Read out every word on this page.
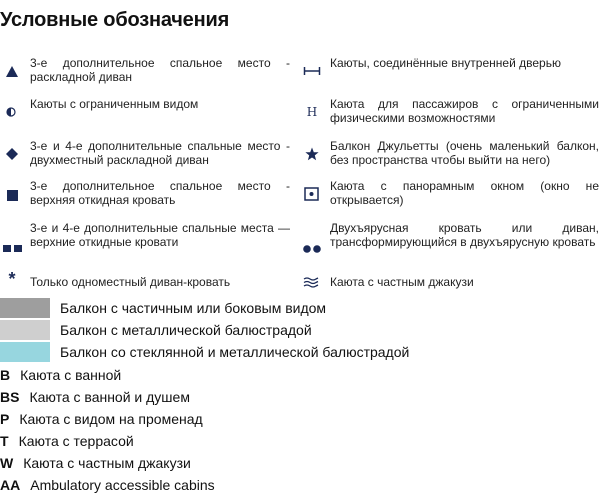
Условные обозначения

3-е дополнительное спальное место - раскладной диван

Каюты с ограниченным видом

3-е и 4-е дополнительные спальные место - двухместный раскладной диван

3-е дополнительное спальное место - верхняя откидная кровать

3-е и 4-е дополнительные спальные места — верхние откидные кровати

*	Только одноместный диван-кровать

Каюты, соединённые внутренней дверью

H

Каюта для пассажиров с ограниченными физическими возможностями

Балкон Джульетты (очень маленький балкон, без пространства чтобы выйти на него)

Каюта с панорамным окном (окно не открывается)

Двухъярусная кровать или диван, трансформирующийся в двухъярусную кровать

Каюта с частным джакузи

Балкон с частичным или боковым видом
Балкон с металлической балюстрадой
Балкон со стеклянной и металлической балюстрадой
B Каюта с ванной
BS Каюта с ванной и душем
P Каюта с видом на променад
T Каюта с террасой
W Каюта с частным джакузи
AA Ambulatory accessible cabins
